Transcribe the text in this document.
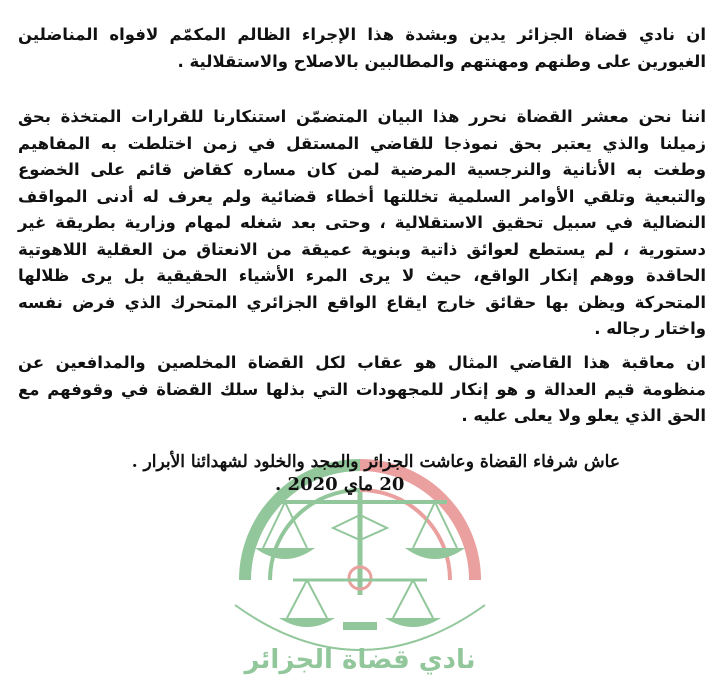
نادي قضاة الجزائر

ان نادي قضاة الجزائر يدين وبشدة هذا الإجراء الظالم المكمّم لافواه المناضلين الغيورين على وطنهم ومهنتهم والمطالبين بالاصلاح والاستقلالية .

اننا نحن معشر القضاة نحرر هذا البيان المتضمّن استنكارنا للقرارات المتخذة بحق زميلنا والذي يعتبر بحق نموذجا للقاضي المستقل في زمن اختلطت به المفاهيم وطغت به الأنانية والنرجسية المرضية لمن كان مساره كقاض قائم على الخضوع والتبعية وتلقي الأوامر السلمية تخللتها أخطاء قضائية ولم يعرف له أدنى المواقف النضالية في سبيل تحقيق الاستقلالية ، وحتى بعد شغله لمهام وزارية بطريقة غير دستورية ، لم يستطع لعوائق ذاتية وبنوية عميقة من الانعتاق من العقلية اللاهوتية الحاقدة ووهم إنكار الواقع، حيث لا يرى المرء الأشياء الحقيقية بل يرى ظلالها المتحركة ويظن بها حقائق خارج ايقاع الواقع الجزائري المتحرك الذي فرض نفسه واختار رجاله .

ان معاقبة هذا القاضي المثال هو عقاب لكل القضاة المخلصين والمدافعين عن منظومة قيم العدالة و هو إنكار للمجهودات التي بذلها سلك القضاة في وقوفهم مع الحق الذي يعلو ولا يعلى عليه .

عاش شرفاء القضاة وعاشت الجزائر والمجد والخلود لشهدائنا الأبرار .
20 ماي 2020 .
